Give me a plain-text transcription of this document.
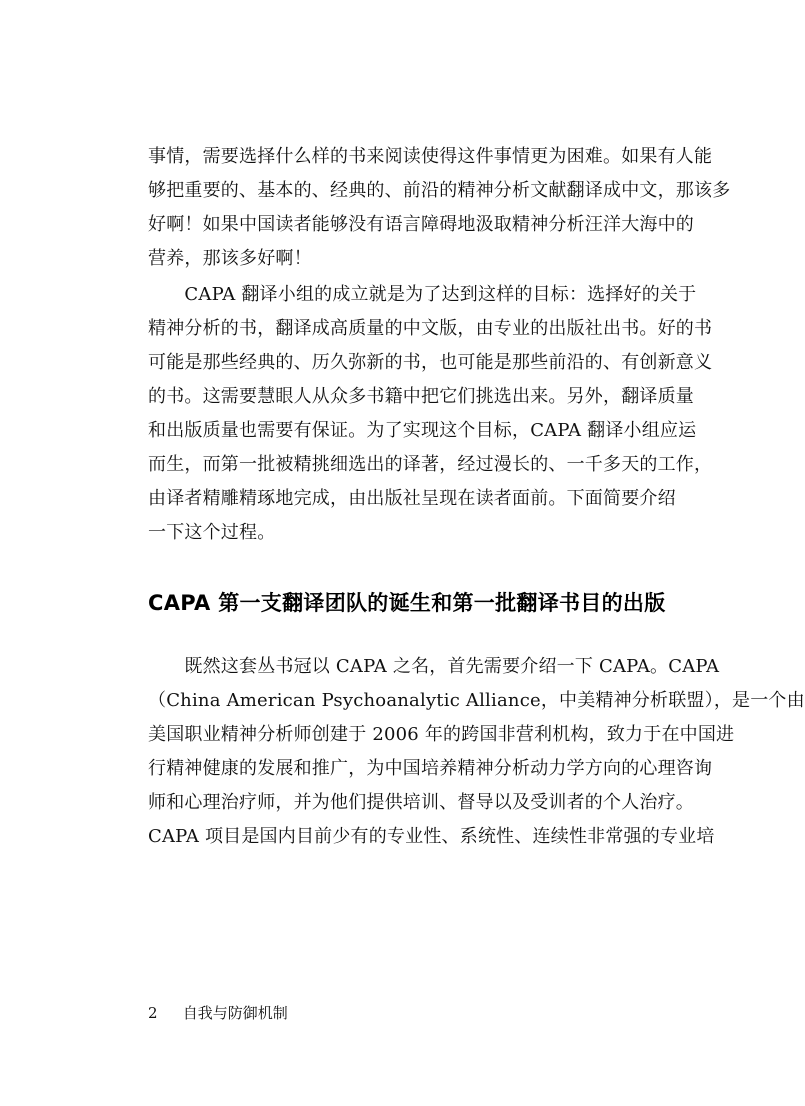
事情，需要选择什么样的书来阅读使得这件事情更为困难。如果有人能
够把重要的、基本的、经典的、前沿的精神分析文献翻译成中文，那该多
好啊！如果中国读者能够没有语言障碍地汲取精神分析汪洋大海中的
营养，那该多好啊！

　　CAPA 翻译小组的成立就是为了达到这样的目标：选择好的关于
精神分析的书，翻译成高质量的中文版，由专业的出版社出书。好的书
可能是那些经典的、历久弥新的书，也可能是那些前沿的、有创新意义
的书。这需要慧眼人从众多书籍中把它们挑选出来。另外，翻译质量
和出版质量也需要有保证。为了实现这个目标，CAPA 翻译小组应运
而生，而第一批被精挑细选出的译著，经过漫长的、一千多天的工作，
由译者精雕精琢地完成，由出版社呈现在读者面前。下面简要介绍
一下这个过程。

CAPA 第一支翻译团队的诞生和第一批翻译书目的出版

　　既然这套丛书冠以 CAPA 之名，首先需要介绍一下 CAPA。CAPA
（China American Psychoanalytic Alliance，中美精神分析联盟），是一个由
美国职业精神分析师创建于 2006 年的跨国非营利机构，致力于在中国进
行精神健康的发展和推广，为中国培养精神分析动力学方向的心理咨询
师和心理治疗师，并为他们提供培训、督导以及受训者的个人治疗。
CAPA 项目是国内目前少有的专业性、系统性、连续性非常强的专业培

2 自我与防御机制
